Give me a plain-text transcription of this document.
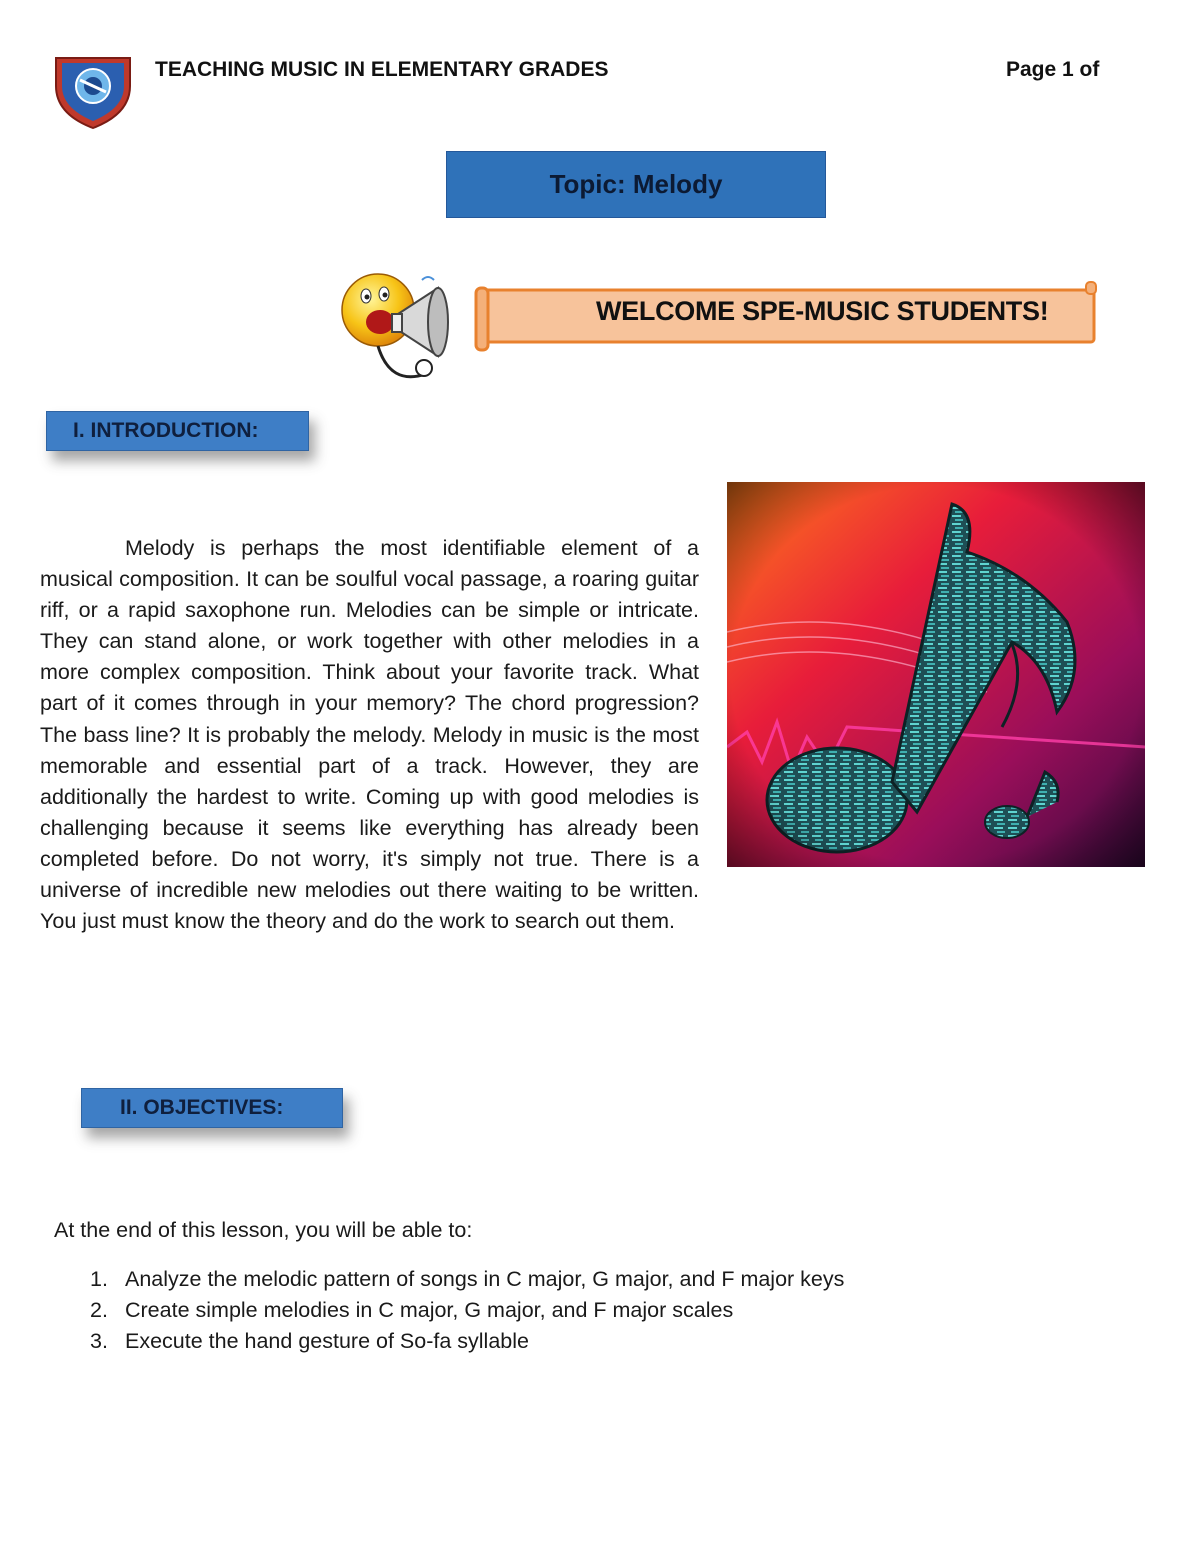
TEACHING MUSIC IN ELEMENTARY GRADES	Page 1 of
Topic: Melody
WELCOME SPE-MUSIC STUDENTS!
I. INTRODUCTION:
Melody is perhaps the most identifiable element of a musical composition. It can be soulful vocal passage, a roaring guitar riff, or a rapid saxophone run. Melodies can be simple or intricate. They can stand alone, or work together with other melodies in a more complex composition. Think about your favorite track. What part of it comes through in your memory? The chord progression? The bass line? It is probably the melody. Melody in music is the most memorable and essential part of a track. However, they are additionally the hardest to write. Coming up with good melodies is challenging because it seems like everything has already been completed before. Do not worry, it's simply not true. There is a universe of incredible new melodies out there waiting to be written. You just must know the theory and do the work to search out them.
II. OBJECTIVES:
At the end of this lesson, you will be able to:
1. Analyze the melodic pattern of songs in C major, G major, and F major keys
2. Create simple melodies in C major, G major, and F major scales
3. Execute the hand gesture of So-fa syllable
